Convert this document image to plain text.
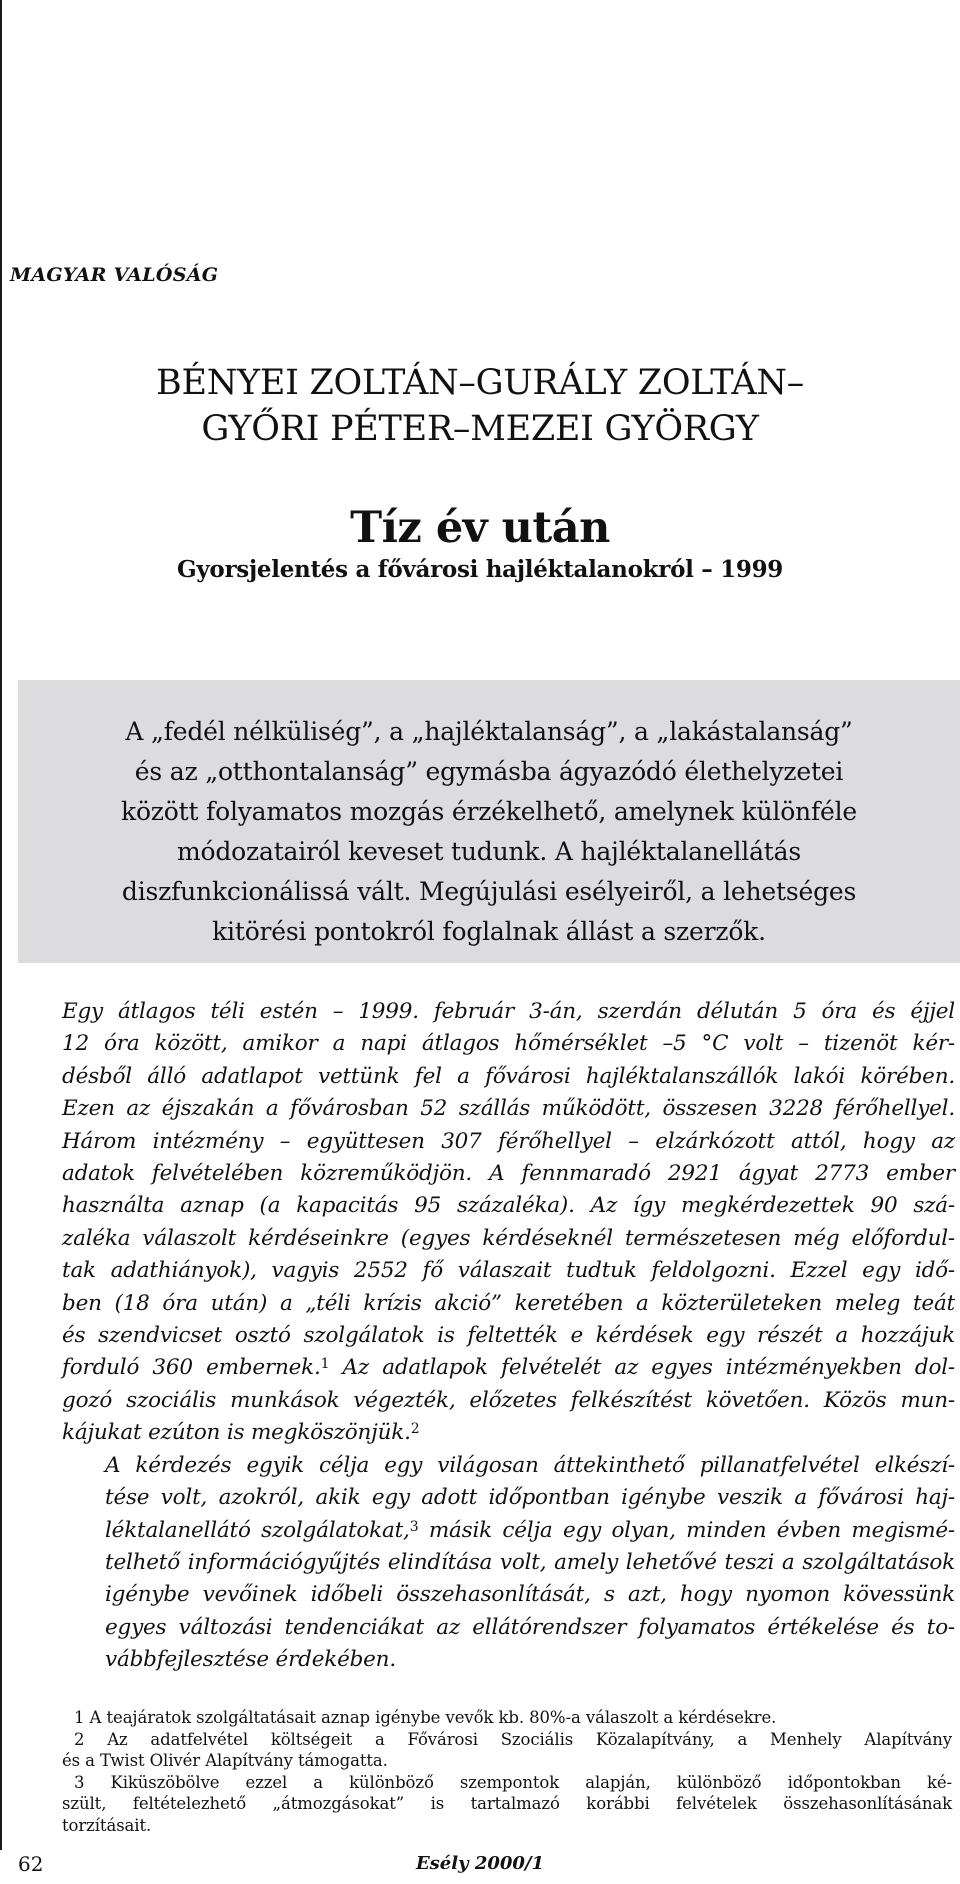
MAGYAR VALÓSÁG
BÉNYEI ZOLTÁN–GURÁLY ZOLTÁN–
GYŐRI PÉTER–MEZEI GYÖRGY
Tíz év után
Gyorsjelentés a fővárosi hajléktalanokról – 1999

A „fedél nélküliség”, a „hajléktalanság”, a „lakástalanság”

és az „otthontalanság” egymásba ágyazódó élethelyzetei

között folyamatos mozgás érzékelhető, amelynek különféle

módozatairól keveset tudunk. A hajléktalanellátás

diszfunkcionálissá vált. Megújulási esélyeiről, a lehetséges

kitörési pontokról foglalnak állást a szerzők.

Egy átlagos téli estén – 1999. február 3-án, szerdán délután 5 óra és éjjel
12 óra között, amikor a napi átlagos hőmérséklet –5 °C volt – tizenöt kér-
désből álló adatlapot vettünk fel a fővárosi hajléktalanszállók lakói körében.
Ezen az éjszakán a fővárosban 52 szállás működött, összesen 3228 férőhellyel.
Három intézmény – együttesen 307 férőhellyel – elzárkózott attól, hogy az
adatok felvételében közreműködjön. A fennmaradó 2921 ágyat 2773 ember
használta aznap (a kapacitás 95 százaléka). Az így megkérdezettek 90 szá-
zaléka válaszolt kérdéseinkre (egyes kérdéseknél természetesen még előfordul-
tak adathiányok), vagyis 2552 fő válaszait tudtuk feldolgozni. Ezzel egy idő-
ben (18 óra után) a „téli krízis akció” keretében a közterületeken meleg teát
és szendvicset osztó szolgálatok is feltették e kérdések egy részét a hozzájuk
forduló 360 embernek.$^1$ Az adatlapok felvételét az egyes intézményekben dol-
gozó szociális munkások végezték, előzetes felkészítést követően. Közös mun-
kájukat ezúton is megköszönjük.$^2$

A kérdezés egyik célja egy világosan áttekinthető pillanatfelvétel elkészí-
tése volt, azokról, akik egy adott időpontban igénybe veszik a fővárosi haj-
léktalanellátó szolgálatokat,$^3$ másik célja egy olyan, minden évben megismé-
telhető információgyűjtés elindítása volt, amely lehetővé teszi a szolgáltatások
igénybe vevőinek időbeli összehasonlítását, s azt, hogy nyomon kövessünk
egyes változási tendenciákat az ellátórendszer folyamatos értékelése és to-
vábbfejlesztése érdekében.

1 A teajáratok szolgáltatásait aznap igénybe vevők kb. 80%-a válaszolt a kérdésekre.
2 Az adatfelvétel költségeit a Fővárosi Szociális Közalapítvány, a Menhely Alapítvány
és a Twist Olivér Alapítvány támogatta.
3 Kiküszöbölve ezzel a különböző szempontok alapján, különböző időpontokban ké-
szült, feltételezhető „átmozgásokat” is tartalmazó korábbi felvételek összehasonlításának
torzításait.
62	Esély 2000/1
